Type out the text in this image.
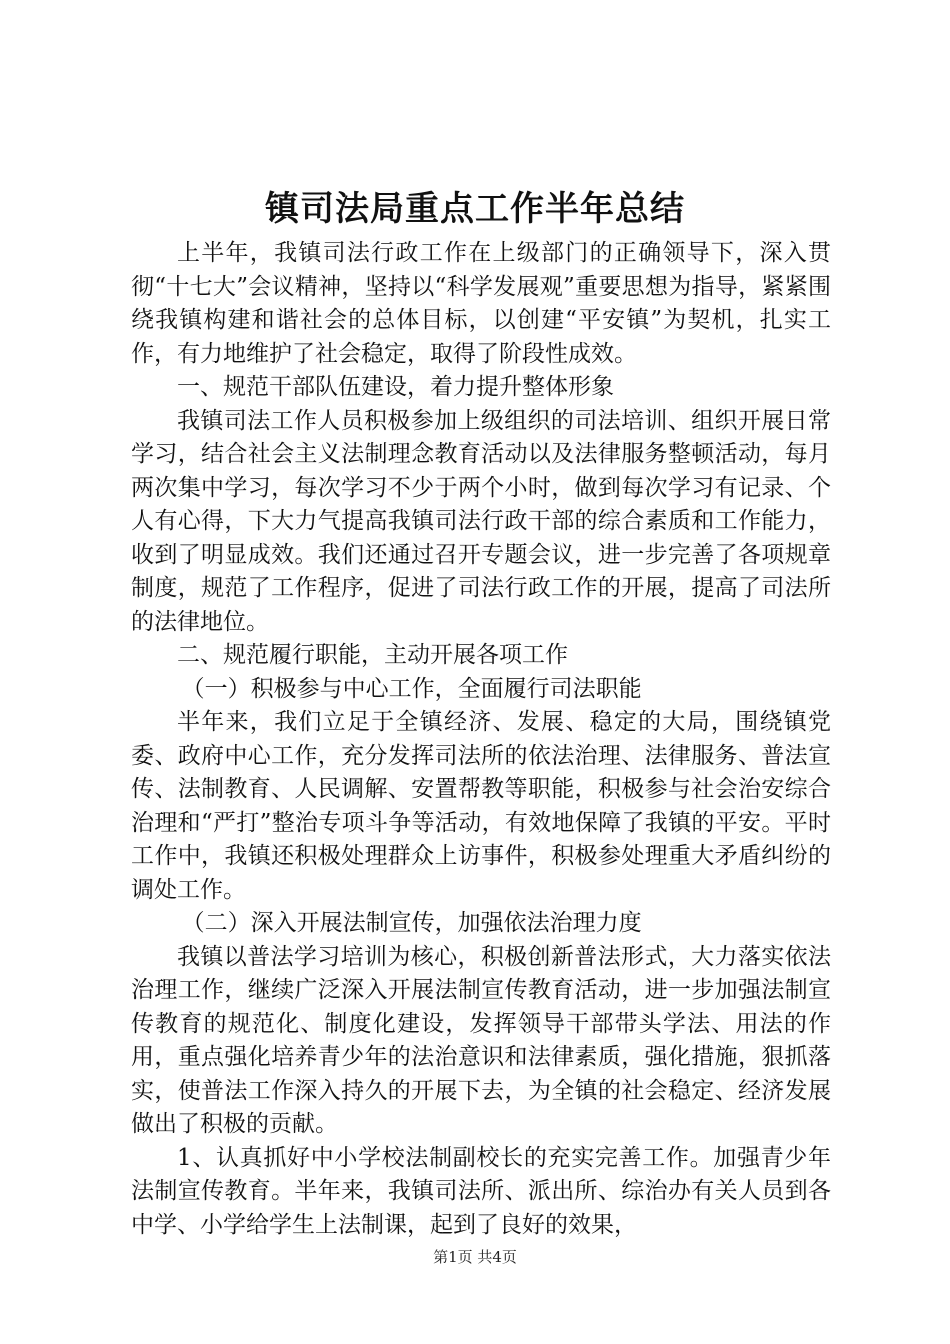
镇司法局重点工作半年总结

上半年，我镇司法行政工作在上级部门的正确领导下，深入贯彻“十七大”会议精神，坚持以“科学发展观”重要思想为指导，紧紧围绕我镇构建和谐社会的总体目标，以创建“平安镇”为契机，扎实工作，有力地维护了社会稳定，取得了阶段性成效。

一、规范干部队伍建设，着力提升整体形象

我镇司法工作人员积极参加上级组织的司法培训、组织开展日常学习，结合社会主义法制理念教育活动以及法律服务整顿活动，每月两次集中学习，每次学习不少于两个小时，做到每次学习有记录、个人有心得，下大力气提高我镇司法行政干部的综合素质和工作能力，收到了明显成效。我们还通过召开专题会议，进一步完善了各项规章制度，规范了工作程序，促进了司法行政工作的开展，提高了司法所的法律地位。

二、规范履行职能，主动开展各项工作

（一）积极参与中心工作，全面履行司法职能

半年来，我们立足于全镇经济、发展、稳定的大局，围绕镇党委、政府中心工作，充分发挥司法所的依法治理、法律服务、普法宣传、法制教育、人民调解、安置帮教等职能，积极参与社会治安综合治理和“严打”整治专项斗争等活动，有效地保障了我镇的平安。平时工作中，我镇还积极处理群众上访事件，积极参处理重大矛盾纠纷的调处工作。

（二）深入开展法制宣传，加强依法治理力度

我镇以普法学习培训为核心，积极创新普法形式，大力落实依法治理工作，继续广泛深入开展法制宣传教育活动，进一步加强法制宣传教育的规范化、制度化建设，发挥领导干部带头学法、用法的作用，重点强化培养青少年的法治意识和法律素质，强化措施，狠抓落实，使普法工作深入持久的开展下去，为全镇的社会稳定、经济发展做出了积极的贡献。

1、认真抓好中小学校法制副校长的充实完善工作。加强青少年法制宣传教育。半年来，我镇司法所、派出所、综治办有关人员到各中学、小学给学生上法制课，起到了良好的效果，

第1页 共4页
